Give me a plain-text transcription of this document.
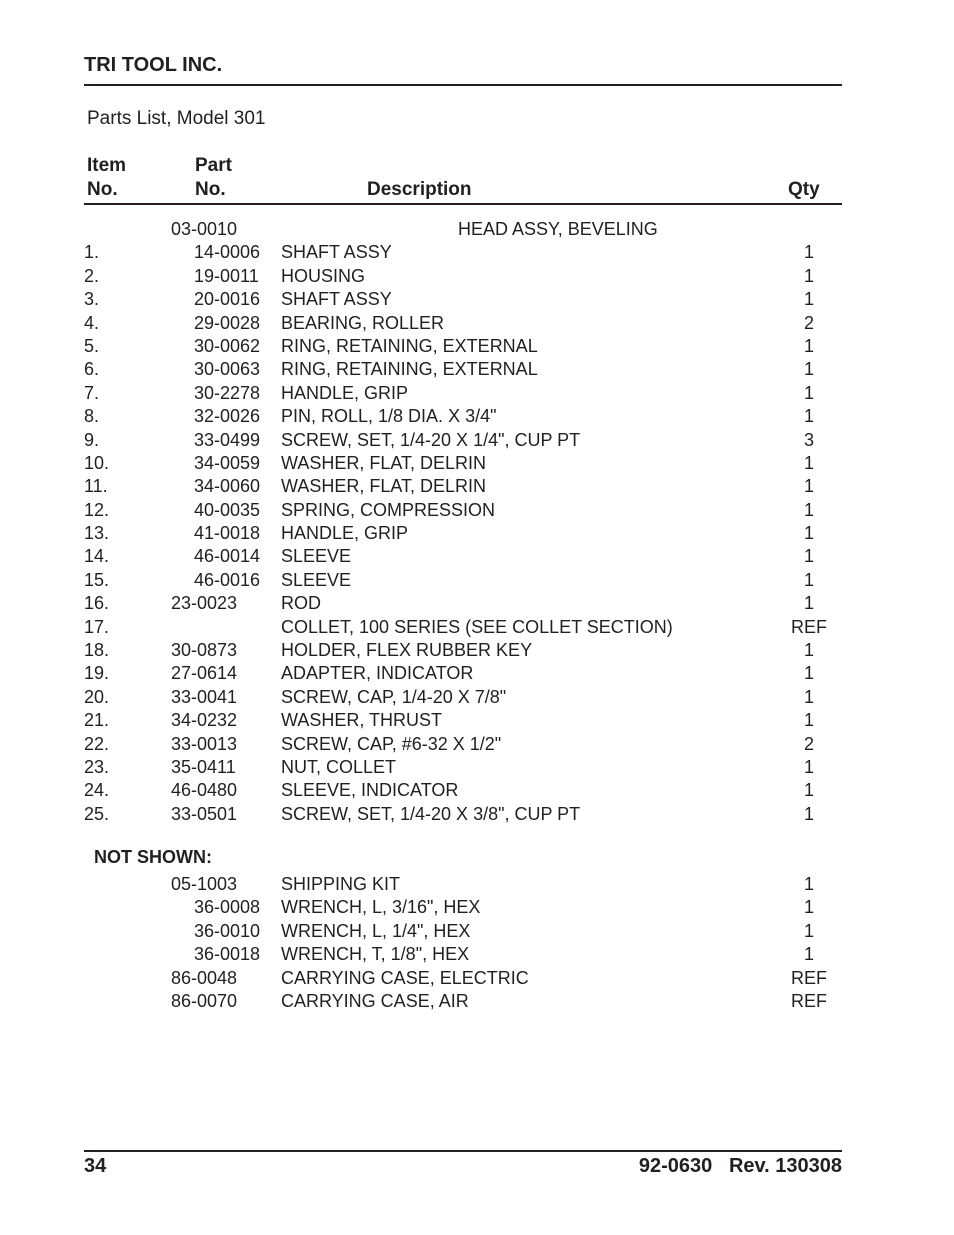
TRI TOOL INC.
Parts List, Model 301
Item
No.
Part
No.	Description	Qty
03-0010	HEAD ASSY, BEVELING
1.	14-0006 SHAFT ASSY	1
2.	19-0011 HOUSING	1
3.	20-0016 SHAFT ASSY	1
4.	29-0028 BEARING, ROLLER	2
5.	30-0062 RING, RETAINING, EXTERNAL	1
6.	30-0063 RING, RETAINING, EXTERNAL	1
7.	30-2278 HANDLE, GRIP	1
8.	32-0026 PIN, ROLL, 1/8 DIA. X 3/4"	1
9.	33-0499 SCREW, SET, 1/4-20 X 1/4", CUP PT	3
10.	34-0059 WASHER, FLAT, DELRIN	1
11.	34-0060 WASHER, FLAT, DELRIN	1
12.	40-0035 SPRING, COMPRESSION	1
13.	41-0018 HANDLE, GRIP	1
14.	46-0014 SLEEVE	1
15.	46-0016 SLEEVE	1
16.	23-0023 ROD	1
17.	COLLET, 100 SERIES (SEE COLLET SECTION)	REF
18.	30-0873 HOLDER, FLEX RUBBER KEY	1
19.	27-0614 ADAPTER, INDICATOR	1
20.	33-0041 SCREW, CAP, 1/4-20 X 7/8"	1
21.	34-0232 WASHER, THRUST	1
22.	33-0013 SCREW, CAP, #6-32 X 1/2"	2
23.	35-0411	NUT, COLLET	1
24.	46-0480 SLEEVE, INDICATOR	1
25.	33-0501 SCREW, SET, 1/4-20 X 3/8", CUP PT	1
NOT SHOWN:
05-1003 SHIPPING KIT	1
36-0008 WRENCH, L, 3/16", HEX	1
36-0010 WRENCH, L, 1/4", HEX	1
36-0018 WRENCH, T, 1/8", HEX	1
86-0048 CARRYING CASE, ELECTRIC	REF
86-0070 CARRYING CASE, AIR	REF
34	92-0630   Rev. 130308
